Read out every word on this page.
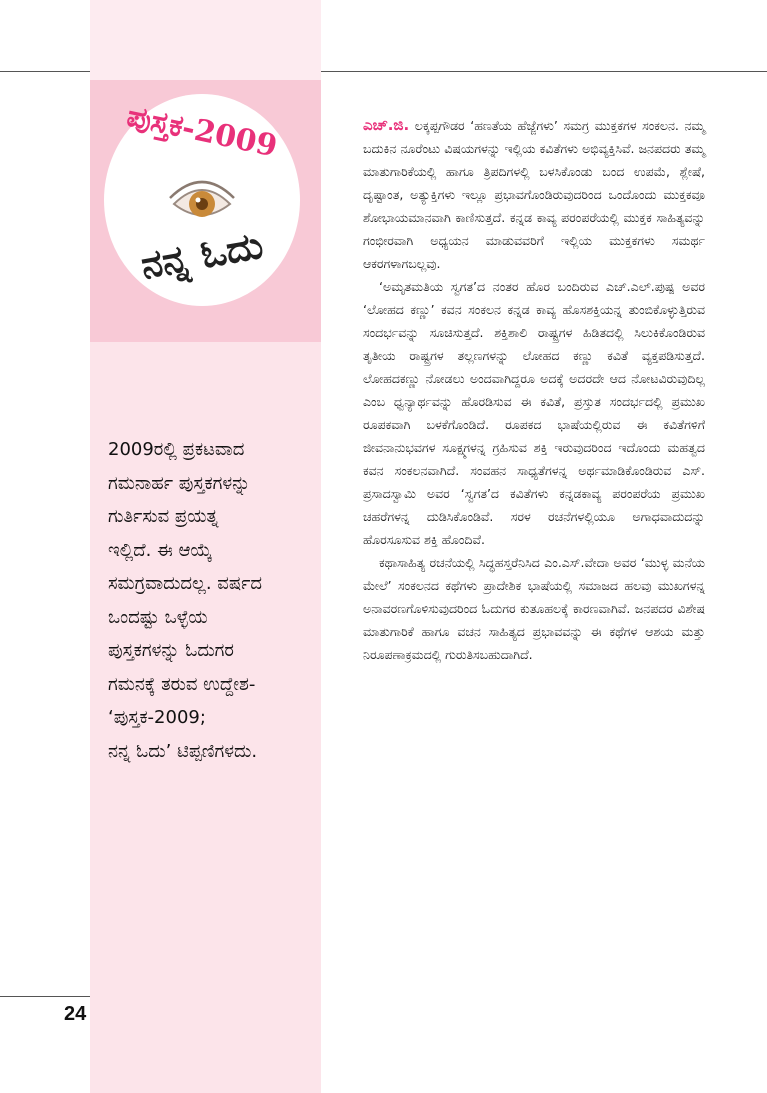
ಪುಸ್ತಕ-2009
ನನ್ನ ಓದು

2009ರಲ್ಲಿ ಪ್ರಕಟವಾದ

ಗಮನಾರ್ಹ ಪುಸ್ತಕಗಳನ್ನು

ಗುರ್ತಿಸುವ ಪ್ರಯತ್ನ

ಇಲ್ಲಿದೆ. ಈ ಆಯ್ಕೆ

ಸಮಗ್ರವಾದುದಲ್ಲ. ವರ್ಷದ

ಒಂದಷ್ಟು ಒಳ್ಳೆಯ

ಪುಸ್ತಕಗಳನ್ನು ಓದುಗರ

ಗಮನಕ್ಕೆ ತರುವ ಉದ್ದೇಶ-

‘ಪುಸ್ತಕ-2009;

ನನ್ನ ಓದು’ ಟಿಪ್ಪಣಿಗಳದು.

24

ಎಚ್.ಜಿ. ಲಕ್ಕಪ್ಪಗೌಡರ ‘ಹಣತೆಯ ಹೆಜ್ಜೆಗಳು’ ಸಮಗ್ರ ಮುಕ್ತಕಗಳ ಸಂಕಲನ. ನಮ್ಮ ಬದುಕಿನ ನೂರೆಂಟು ವಿಷಯಗಳನ್ನು ಇಲ್ಲಿಯ ಕವಿತೆಗಳು ಅಭಿವ್ಯಕ್ತಿಸಿವೆ. ಜನಪದರು ತಮ್ಮ ಮಾತುಗಾರಿಕೆಯಲ್ಲಿ ಹಾಗೂ ತ್ರಿಪದಿಗಳಲ್ಲಿ ಬಳಸಿಕೊಂಡು ಬಂದ ಉಪಮೆ, ಶ್ಲೇಷೆ, ದೃಷ್ಟಾಂತ, ಅತ್ಯುಕ್ತಿಗಳು ಇಲ್ಲೂ ಪ್ರಭಾವಗೊಂಡಿರುವುದರಿಂದ ಒಂದೊಂದು ಮುಕ್ತಕವೂ ಶೋಭಾಯಮಾನವಾಗಿ ಕಾಣಿಸುತ್ತದೆ. ಕನ್ನಡ ಕಾವ್ಯ ಪರಂಪರೆಯಲ್ಲಿ ಮುಕ್ತಕ ಸಾಹಿತ್ಯವನ್ನು ಗಂಭೀರವಾಗಿ ಅಧ್ಯಯನ ಮಾಡುವವರಿಗೆ ಇಲ್ಲಿಯ ಮುಕ್ತಕಗಳು ಸಮರ್ಥ ಆಕರಗಳಾಗಬಲ್ಲವು.

‘ಅಮೃತಮತಿಯ ಸ್ವಗತ’ದ ನಂತರ ಹೊರ ಬಂದಿರುವ ಎಚ್.ಎಲ್.ಪುಷ್ಪ ಅವರ ‘ಲೋಹದ ಕಣ್ಣು’ ಕವನ ಸಂಕಲನ ಕನ್ನಡ ಕಾವ್ಯ ಹೊಸಶಕ್ತಿಯನ್ನ ತುಂಬಿಕೊಳ್ಳುತ್ತಿರುವ ಸಂದರ್ಭವನ್ನು ಸೂಚಿಸುತ್ತದೆ. ಶಕ್ತಿಶಾಲಿ ರಾಷ್ಟ್ರಗಳ ಹಿಡಿತದಲ್ಲಿ ಸಿಲುಕಿಕೊಂಡಿರುವ ತೃತೀಯ ರಾಷ್ಟ್ರಗಳ ತಲ್ಲಣಗಳನ್ನು ಲೋಹದ ಕಣ್ಣು ಕವಿತೆ ವ್ಯಕ್ತಪಡಿಸುತ್ತದೆ. ಲೋಹದಕಣ್ಣು ನೋಡಲು ಅಂದವಾಗಿದ್ದರೂ ಅದಕ್ಕೆ ಅದರದೇ ಆದ ನೋಟವಿರುವುದಿಲ್ಲ ಎಂಬ ಧ್ವನ್ಯಾರ್ಥವನ್ನು ಹೊರಡಿಸುವ ಈ ಕವಿತೆ, ಪ್ರಸ್ತುತ ಸಂದರ್ಭದಲ್ಲಿ ಪ್ರಮುಖ ರೂಪಕವಾಗಿ ಬಳಕೆಗೊಂಡಿದೆ. ರೂಪಕದ ಭಾಷೆಯಲ್ಲಿರುವ ಈ ಕವಿತೆಗಳಿಗೆ ಜೀವನಾನುಭವಗಳ ಸೂಕ್ಷ್ಮಗಳನ್ನ ಗ್ರಹಿಸುವ ಶಕ್ತಿ ಇರುವುದರಿಂದ ಇದೊಂದು ಮಹತ್ವದ ಕವನ ಸಂಕಲನವಾಗಿದೆ. ಸಂವಹನ ಸಾಧ್ಯತೆಗಳನ್ನ ಅರ್ಥಮಾಡಿಕೊಂಡಿರುವ ಎಸ್. ಪ್ರಸಾದಸ್ವಾಮಿ ಅವರ ‘ಸ್ವಗತ’ದ ಕವಿತೆಗಳು ಕನ್ನಡಕಾವ್ಯ ಪರಂಪರೆಯ ಪ್ರಮುಖ ಚಹರೆಗಳನ್ನ ದುಡಿಸಿಕೊಂಡಿವೆ. ಸರಳ ರಚನೆಗಳಲ್ಲಿಯೂ ಅಗಾಧವಾದುದನ್ನು ಹೊರಸೂಸುವ ಶಕ್ತಿ ಹೊಂದಿವೆ.

ಕಥಾಸಾಹಿತ್ಯ ರಚನೆಯಲ್ಲಿ ಸಿದ್ಧಹಸ್ತರೆನಿಸಿದ ಎಂ.ಎಸ್.ವೇದಾ ಅವರ ‘ಮುಳ್ಳ ಮನೆಯ ಮೇಲೆ’ ಸಂಕಲನದ ಕಥೆಗಳು ಪ್ರಾದೇಶಿಕ ಭಾಷೆಯಲ್ಲಿ ಸಮಾಜದ ಹಲವು ಮುಖಗಳನ್ನ ಅನಾವರಣಗೊಳಿಸುವುದರಿಂದ ಓದುಗರ ಕುತೂಹಲಕ್ಕೆ ಕಾರಣವಾಗಿವೆ. ಜನಪದರ ವಿಶೇಷ ಮಾತುಗಾರಿಕೆ ಹಾಗೂ ವಚನ ಸಾಹಿತ್ಯದ ಪ್ರಭಾವವನ್ನು ಈ ಕಥೆಗಳ ಆಶಯ ಮತ್ತು ನಿರೂಪಣಾಕ್ರಮದಲ್ಲಿ ಗುರುತಿಸಬಹುದಾಗಿದೆ.
